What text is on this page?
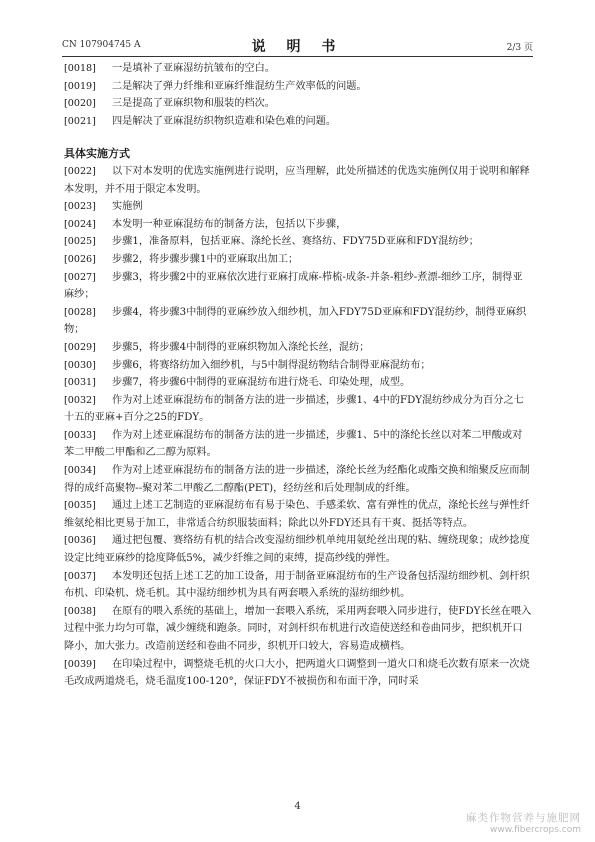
CN 107904745 A	说 明 书	2/3 页
[0018] 一是填补了亚麻湿纺抗皱布的空白。
[0019] 二是解决了弹力纤维和亚麻纤维混纺生产效率低的问题。
[0020] 三是提高了亚麻织物和服装的档次。
[0021] 四是解决了亚麻混纺织物织造难和染色难的问题。
具体实施方式
[0022] 以下对本发明的优选实施例进行说明，应当理解，此处所描述的优选实施例仅用于说明和解释本发明，并不用于限定本发明。
[0023] 实施例
[0024] 本发明一种亚麻混纺布的制备方法，包括以下步骤，
[0025] 步骤1，准备原料，包括亚麻、涤纶长丝、赛络纺、FDY75D亚麻和FDY混纺纱；
[0026] 步骤2，将步骤步骤1中的亚麻取出加工；
[0027] 步骤3，将步骤2中的亚麻依次进行亚麻打成麻-栉梳-成条-并条-粗纱-煮漂-细纱工序，制得亚麻纱；
[0028] 步骤4，将步骤3中制得的亚麻纱放入细纱机，加入FDY75D亚麻和FDY混纺纱，制得亚麻织物；
[0029] 步骤5，将步骤4中制得的亚麻织物加入涤纶长丝，混纺；
[0030] 步骤6，将赛络纺加入细纱机，与5中制得混纺物结合制得亚麻混纺布；
[0031] 步骤7，将步骤6中制得的亚麻混纺布进行烧毛、印染处理，成型。
[0032] 作为对上述亚麻混纺布的制备方法的进一步描述，步骤1、4中的FDY混纺纱成分为百分之七十五的亚麻+百分之25的FDY。
[0033] 作为对上述亚麻混纺布的制备方法的进一步描述，步骤1、5中的涤纶长丝以对苯二甲酸或对苯二甲酸二甲酯和乙二醇为原料。
[0034] 作为对上述亚麻混纺布的制备方法的进一步描述，涤纶长丝为经酯化或酯交换和缩聚反应而制得的成纤高聚物--聚对苯二甲酸乙二醇酯(PET)，经纺丝和后处理制成的纤维。
[0035] 通过上述工艺制造的亚麻混纺布有易于染色、手感柔软、富有弹性的优点，涤纶长丝与弹性纤维氨纶相比更易于加工，非常适合纺织服装面料；除此以外FDY还具有干爽、挺括等特点。
[0036] 通过把包覆、赛络纺有机的结合改变湿纺细纱机单纯用氨纶丝出现的粘、缠绕现象；成纱捻度设定比纯亚麻纱的捻度降低5%，减少纤维之间的束缚，提高纱线的弹性。
[0037] 本发明还包括上述工艺的加工设备，用于制备亚麻混纺布的生产设备包括湿纺细纱机、剑杆织布机、印染机、烧毛机。其中湿纺细纱机为具有两套喂入系统的湿纺细纱机。
[0038] 在原有的喂入系统的基础上，增加一套喂入系统，采用两套喂入同步进行，使FDY长丝在喂入过程中张力均匀可靠，减少缠绕和跑条。同时，对剑杆织布机进行改造使送经和卷曲同步，把织机开口降小，加大张力。改造前送经和卷曲不同步，织机开口较大，容易造成横档。
[0039] 在印染过程中，调整烧毛机的火口大小，把两道火口调整到一道火口和烧毛次数有原来一次烧毛改成两道烧毛，烧毛温度100-120°，保证FDY不被损伤和布面干净，同时采
4
麻类作物营养与施肥网
www.fibercrops.com
